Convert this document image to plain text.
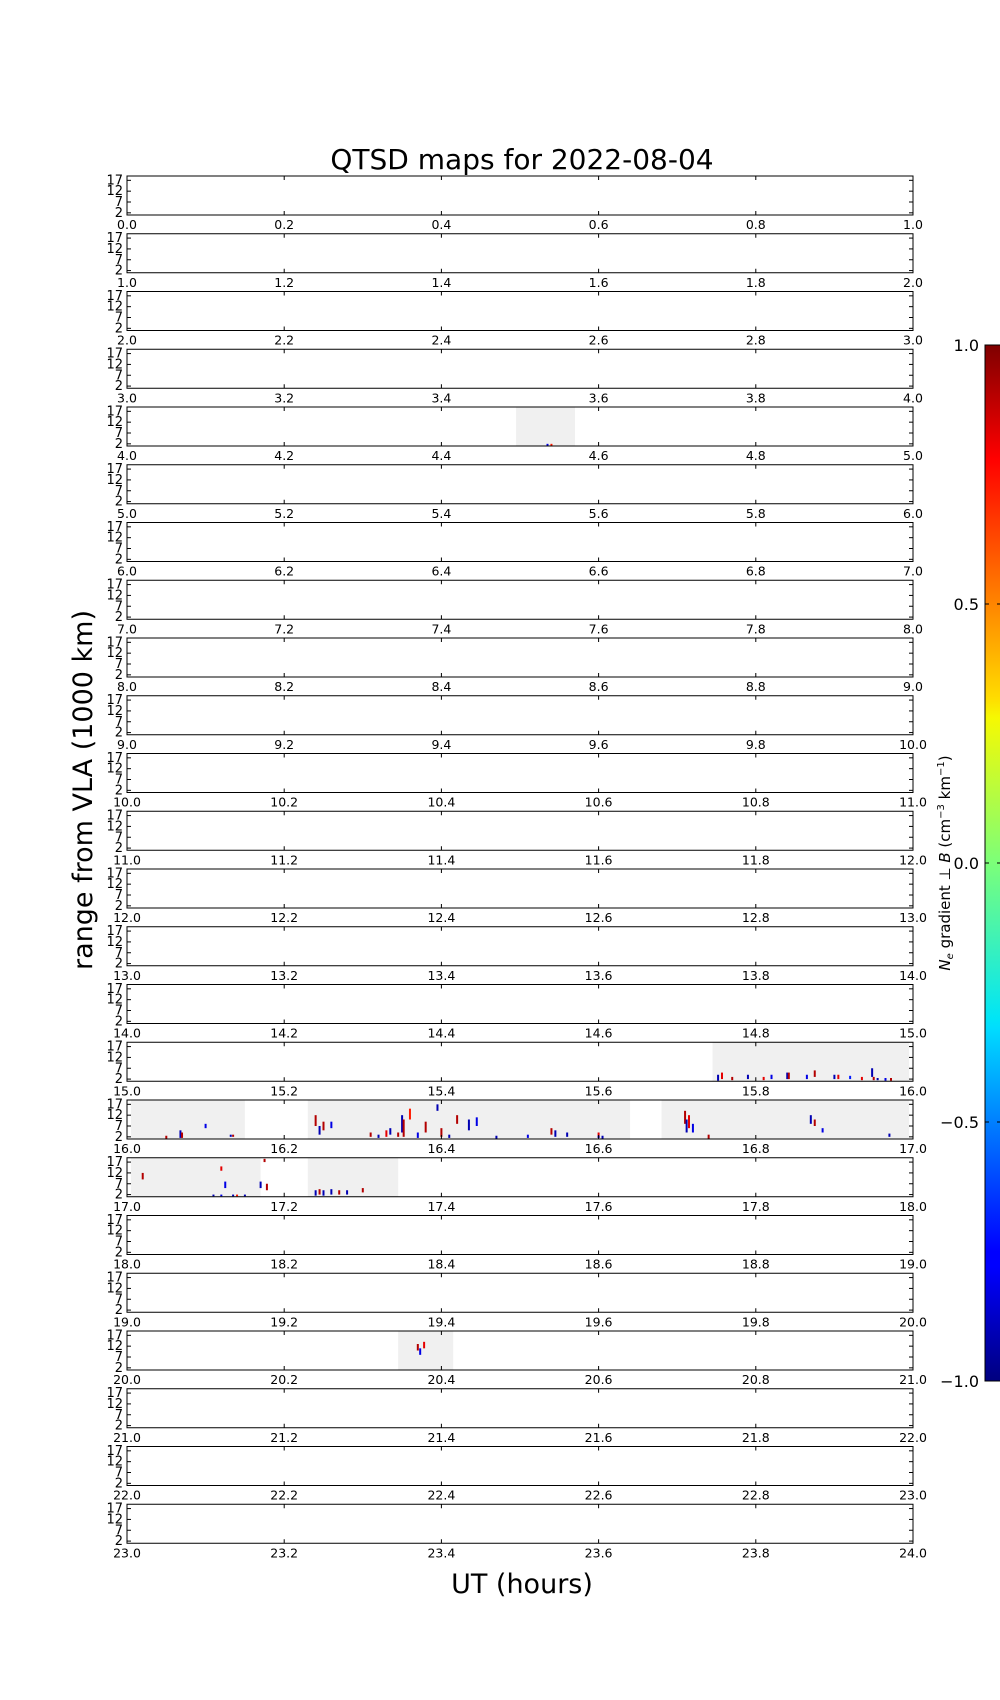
QTSD maps for 2022-08-04
range from VLA (1000 km)
UT (hours)
17
12
7
2
0.0	0.2	0.4	0.6	0.8	1.0
17
12
7
2
1.0	1.2	1.4	1.6	1.8	2.0
17
12
7
2
2.0	2.2	2.4	2.6	2.8	3.0
17
12
7
2
3.0	3.2	3.4	3.6	3.8	4.0
17
12
7
2
4.0	4.2	4.4	4.6	4.8	5.0
17
12
7
2
5.0	5.2	5.4	5.6	5.8	6.0
17
12
7
2
6.0	6.2	6.4	6.6	6.8	7.0
17
12
7
2
7.0	7.2	7.4	7.6	7.8	8.0
17
12
7
2
8.0	8.2	8.4	8.6	8.8	9.0
17
12
7
2
9.0	9.2	9.4	9.6	9.8	10.0
17
12
7
2
10.0	10.2	10.4	10.6	10.8	11.0
17
12
7
2
11.0	11.2	11.4	11.6	11.8	12.0
17
12
7
2
12.0	12.2	12.4	12.6	12.8	13.0
17
12
7
2
13.0	13.2	13.4	13.6	13.8	14.0
17
12
7
2
14.0	14.2	14.4	14.6	14.8	15.0
17
12
7
2
15.0	15.2	15.4	15.6	15.8	16.0
17
12
7
2
16.0	16.2	16.4	16.6	16.8	17.0
17
12
7
2
17.0	17.2	17.4	17.6	17.8	18.0
17
12
7
2
18.0	18.2	18.4	18.6	18.8	19.0
17
12
7
2
19.0	19.2	19.4	19.6	19.8	20.0
17
12
7
2
20.0	20.2	20.4	20.6	20.8	21.0
17
12
7
2
21.0	21.2	21.4	21.6	21.8	22.0
17
12
7
2
22.0	22.2	22.4	22.6	22.8	23.0
17
12
7
2
23.0	23.2	23.4	23.6	23.8	24.0
1.0
0.5
0.0
−0.5
−1.0
$N_e$ gradient ⊥ B ($cm^{-3}$ $km^{-1}$)
